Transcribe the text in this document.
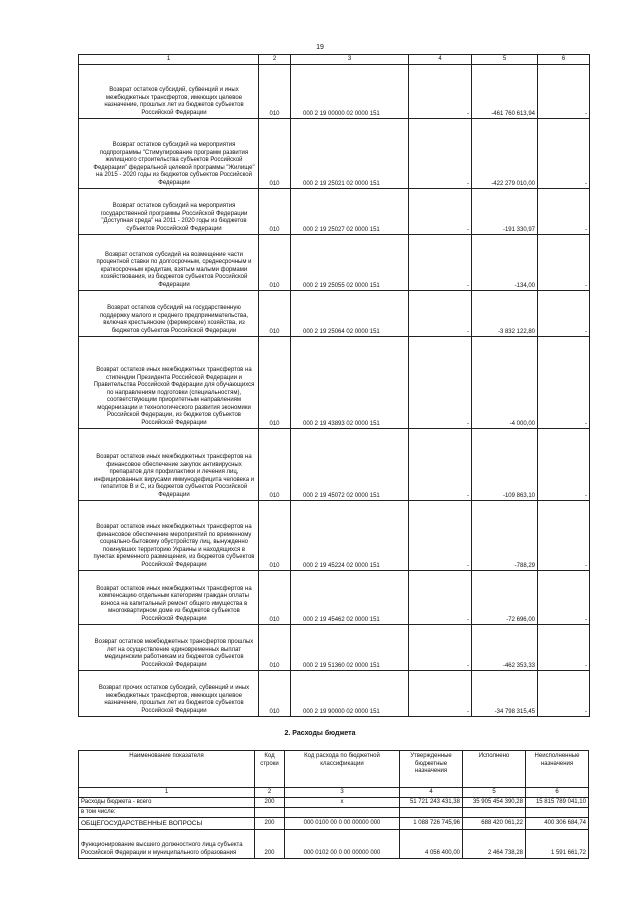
19
1	2	3	4	5	6
Возврат остатков субсидий, субвенций и иных межбюджетных трансфертов, имеющих целевое назначение, прошлых лет из бюджетов субъектов Российской Федерации	010	000 2 19 00000 02 0000 151	-	-461 760 613,94	-
Возврат остатков субсидий на мероприятия подпрограммы "Стимулирование программ развития жилищного строительства субъектов Российской Федерации" федеральной целевой программы "Жилище" на 2015 - 2020 годы из бюджетов субъектов Российской Федерации	010	000 2 19 25021 02 0000 151	-	-422 279 010,00	-
Возврат остатков субсидий на мероприятия государственной программы Российской Федерации "Доступная среда" на 2011 - 2020 годы из бюджетов субъектов Российской Федерации	010	000 2 19 25027 02 0000 151	-	-191 330,97	-
Возврат остатков субсидий на возмещение части процентной ставки по долгосрочным, среднесрочным и краткосрочным кредитам, взятым малыми формами хозяйствования, из бюджетов субъектов Российской Федерации	010	000 2 19 25055 02 0000 151	-	-134,00	-
Возврат остатков субсидий на государственную поддержку малого и среднего предпринимательства, включая крестьянские (фермерские) хозяйства, из бюджетов субъектов Российской Федерации	010	000 2 19 25064 02 0000 151	-	-3 832 122,80	-
Возврат остатков иных межбюджетных трансфертов на стипендии Президента Российской Федерации и Правительства Российской Федерации для обучающихся по направлениям подготовки (специальностям), соответствующим приоритетным направлениям модернизации и технологического развития экономики Российской Федерации, из бюджетов субъектов Российской Федерации	010	000 2 19 43893 02 0000 151	-	-4 000,00	-
Возврат остатков иных межбюджетных трансфертов на финансовое обеспечение закупок антивирусных препаратов для профилактики и лечения лиц, инфицированных вирусами иммунодефицита человека и гепатитов B и C, из бюджетов субъектов Российской Федерации	010	000 2 19 45072 02 0000 151	-	-109 863,10	-
Возврат остатков иных межбюджетных трансфертов на финансовое обеспечение мероприятий по временному социально-бытовому обустройству лиц, вынужденно покинувших территорию Украины и находящихся в пунктах временного размещения, из бюджетов субъектов Российской Федерации	010	000 2 19 45224 02 0000 151	-	-788,29	-
Возврат остатков иных межбюджетных трансфертов на компенсацию отдельным категориям граждан оплаты взноса на капитальный ремонт общего имущества в многоквартирном доме из бюджетов субъектов Российской Федерации	010	000 2 19 45462 02 0000 151	-	-72 696,00	-
Возврат остатков межбюджетных трансфертов прошлых лет на осуществление единовременных выплат медицинским работникам из бюджетов субъектов Российской Федерации	010	000 2 19 51360 02 0000 151	-	-462 353,33	-
Возврат прочих остатков субсидий, субвенций и иных межбюджетных трансфертов, имеющих целевое назначение, прошлых лет из бюджетов субъектов Российской Федерации	010	000 2 19 90000 02 0000 151	-	-34 798 315,45	-
2. Расходы бюджета
Наименование показателя	Код строки	Код расхода по бюджетной классификации	Утвержденные бюджетные назначения	Исполнено	Неисполненные назначения
1	2	3	4	5	6
Расходы бюджета - всего	200	x	51 721 243 431,38	35 905 454 390,28	15 815 789 041,10
в том числе:					
ОБЩЕГОСУДАРСТВЕННЫЕ ВОПРОСЫ	200	000 0100 00 0 00 00000 000	1 088 726 745,96	688 420 061,22	400 306 684,74
Функционирование высшего должностного лица субъекта Российской Федерации и муниципального образования	200	000 0102 00 0 00 00000 000	4 056 400,00	2 464 738,28	1 591 661,72
